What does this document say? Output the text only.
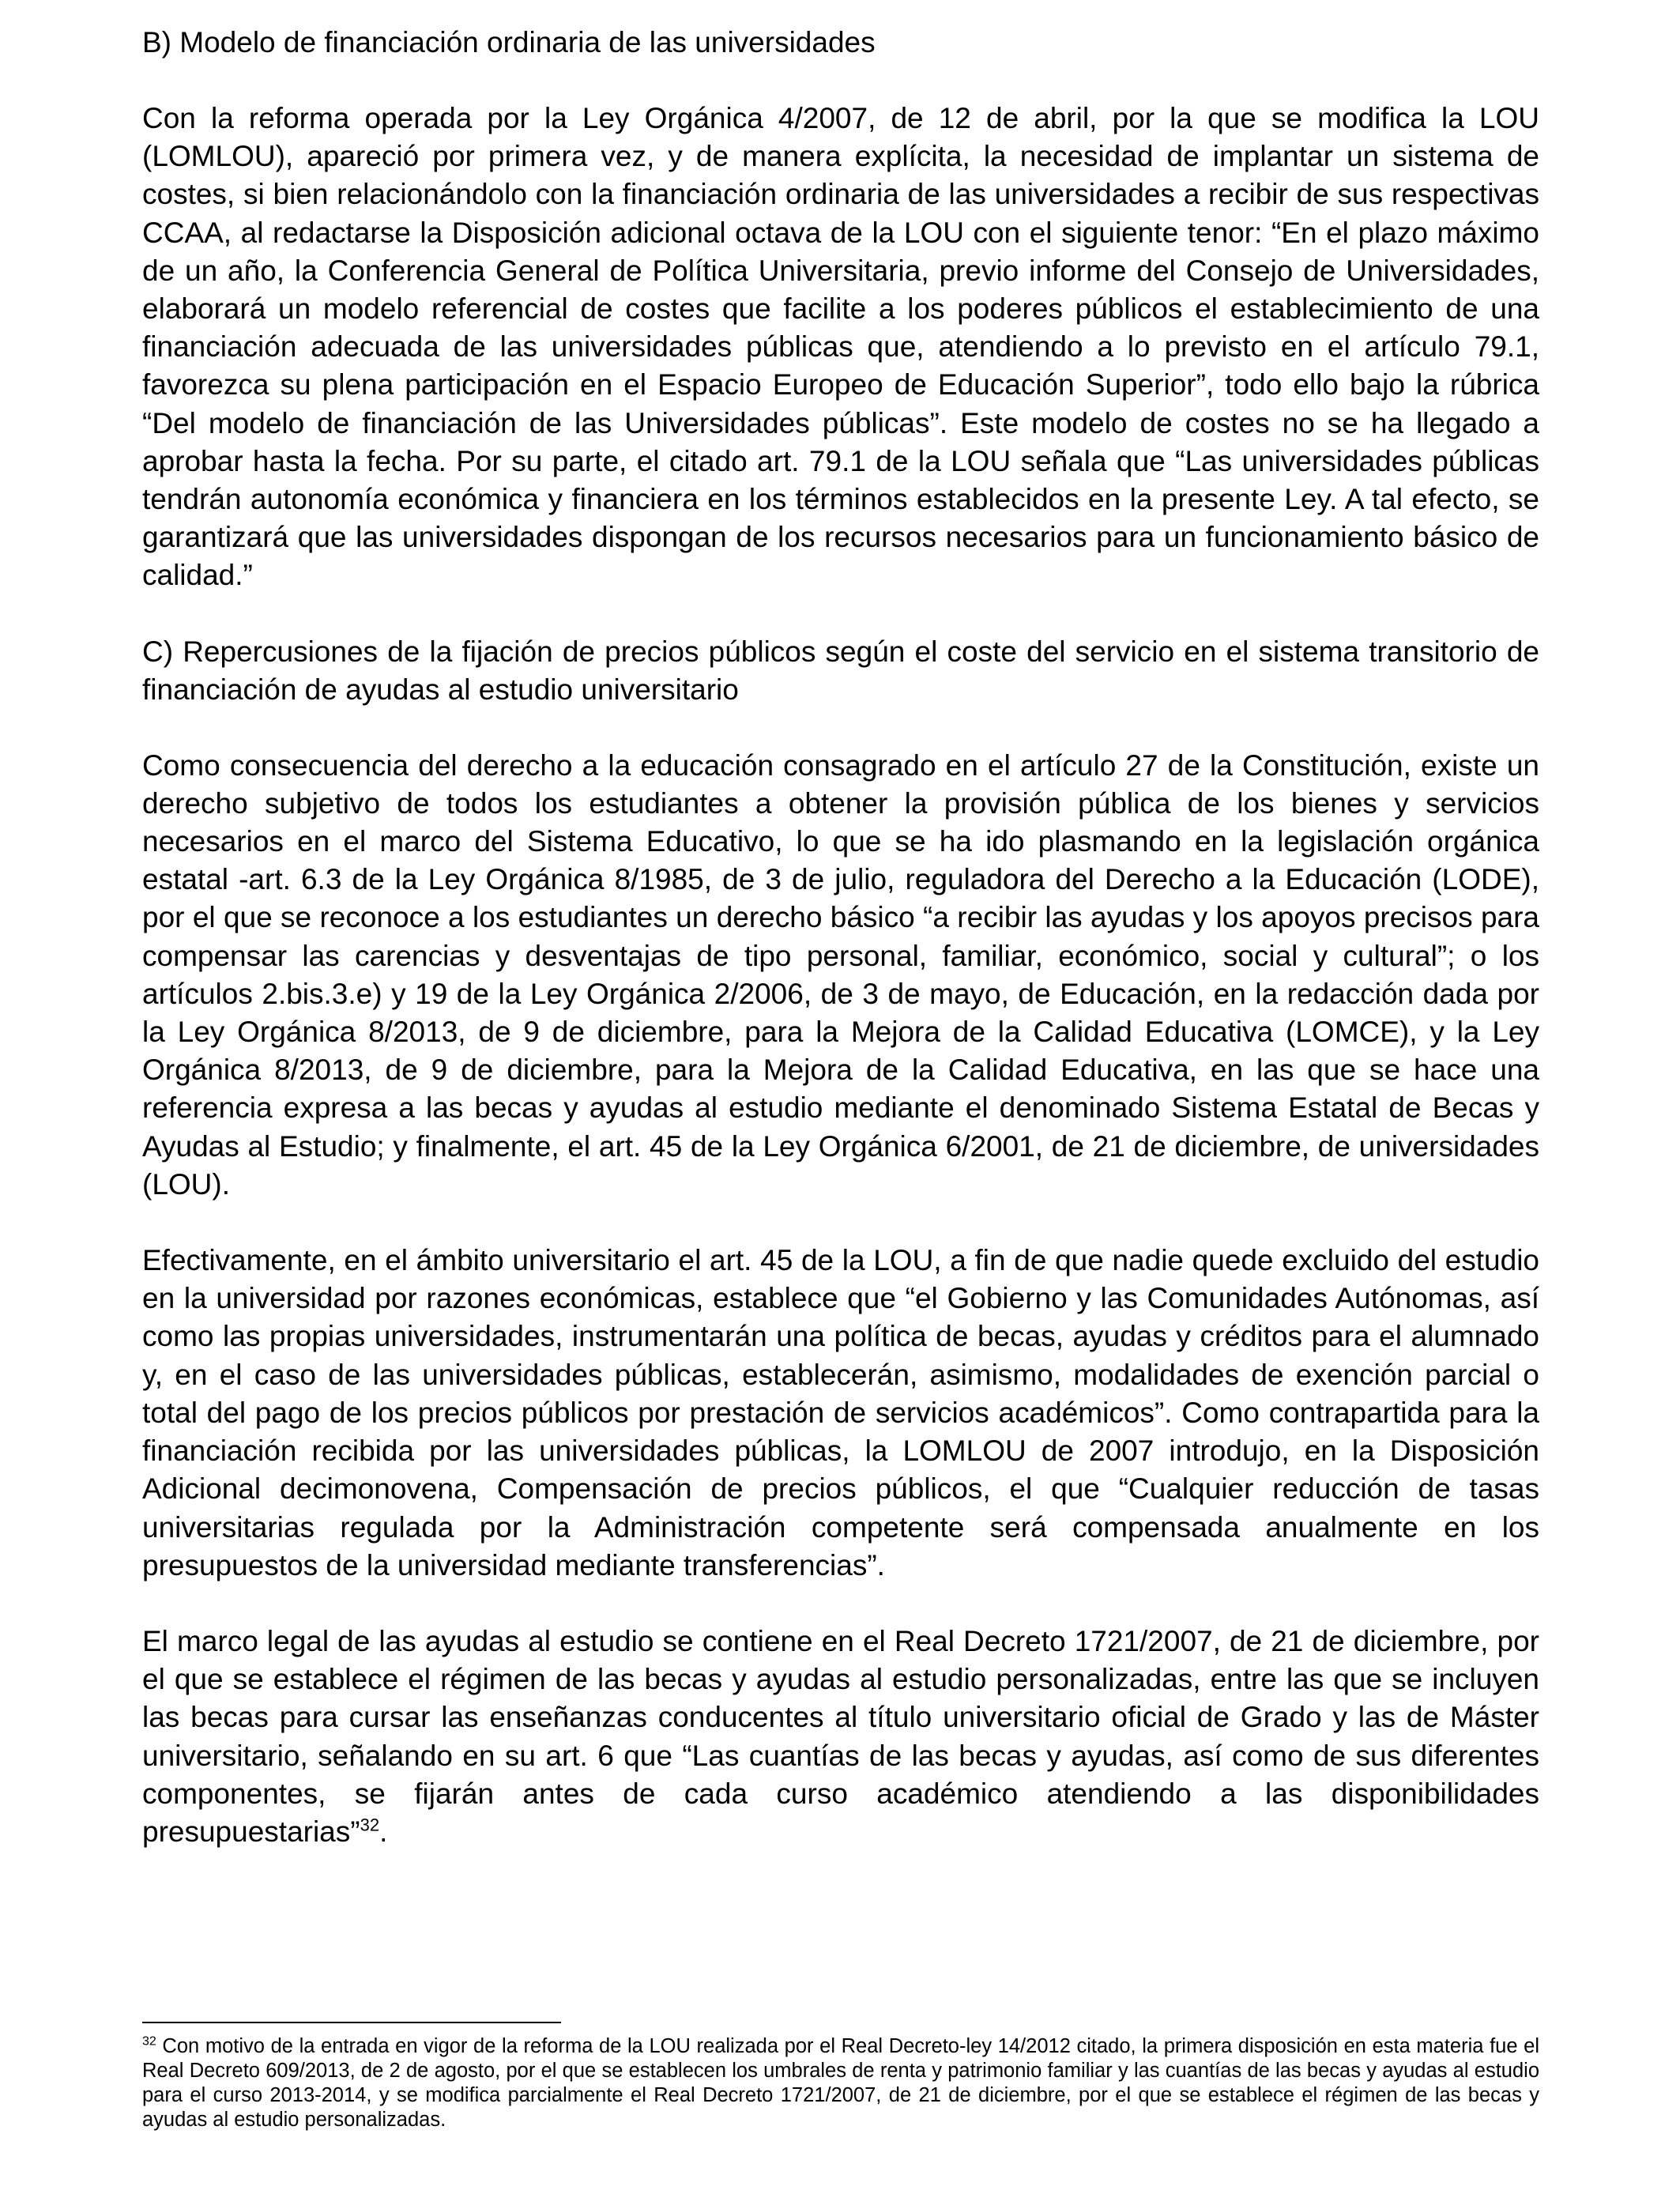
B) Modelo de financiación ordinaria de las universidades
Con la reforma operada por la Ley Orgánica 4/2007, de 12 de abril, por la que se modifica la LOU (LOMLOU), apareció por primera vez, y de manera explícita, la necesidad de implantar un sistema de costes, si bien relacionándolo con la financiación ordinaria de las universidades a recibir de sus respectivas CCAA, al redactarse la Disposición adicional octava de la LOU con el siguiente tenor: “En el plazo máximo de un año, la Conferencia General de Política Universitaria, previo informe del Consejo de Universidades, elaborará un modelo referencial de costes que facilite a los poderes públicos el establecimiento de una financiación adecuada de las universidades públicas que, atendiendo a lo previsto en el artículo 79.1, favorezca su plena participación en el Espacio Europeo de Educación Superior”, todo ello bajo la rúbrica “Del modelo de financiación de las Universidades públicas”. Este modelo de costes no se ha llegado a aprobar hasta la fecha. Por su parte, el citado art. 79.1 de la LOU señala que “Las universidades públicas tendrán autonomía económica y financiera en los términos establecidos en la presente Ley. A tal efecto, se garantizará que las universidades dispongan de los recursos necesarios para un funcionamiento básico de calidad.”
C) Repercusiones de la fijación de precios públicos según el coste del servicio en el sistema transitorio de financiación de ayudas al estudio universitario
Como consecuencia del derecho a la educación consagrado en el artículo 27 de la Constitución, existe un derecho subjetivo de todos los estudiantes a obtener la provisión pública de los bienes y servicios necesarios en el marco del Sistema Educativo, lo que se ha ido plasmando en la legislación orgánica estatal -art. 6.3 de la Ley Orgánica 8/1985, de 3 de julio, reguladora del Derecho a la Educación (LODE), por el que se reconoce a los estudiantes un derecho básico “a recibir las ayudas y los apoyos precisos para compensar las carencias y desventajas de tipo personal, familiar, económico, social y cultural”; o los artículos 2.bis.3.e) y 19 de la Ley Orgánica 2/2006, de 3 de mayo, de Educación, en la redacción dada por la Ley Orgánica 8/2013, de 9 de diciembre, para la Mejora de la Calidad Educativa (LOMCE), y la Ley Orgánica 8/2013, de 9 de diciembre, para la Mejora de la Calidad Educativa, en las que se hace una referencia expresa a las becas y ayudas al estudio mediante el denominado Sistema Estatal de Becas y Ayudas al Estudio; y finalmente, el art. 45 de la Ley Orgánica 6/2001, de 21 de diciembre, de universidades (LOU).
Efectivamente, en el ámbito universitario el art. 45 de la LOU, a fin de que nadie quede excluido del estudio en la universidad por razones económicas, establece que “el Gobierno y las Comunidades Autónomas, así como las propias universidades, instrumentarán una política de becas, ayudas y créditos para el alumnado y, en el caso de las universidades públicas, establecerán, asimismo, modalidades de exención parcial o total del pago de los precios públicos por prestación de servicios académicos”. Como contrapartida para la financiación recibida por las universidades públicas, la LOMLOU de 2007 introdujo, en la Disposición Adicional decimonovena, Compensación de precios públicos, el que “Cualquier reducción de tasas universitarias regulada por la Administración competente será compensada anualmente en los presupuestos de la universidad mediante transferencias”.
El marco legal de las ayudas al estudio se contiene en el Real Decreto 1721/2007, de 21 de diciembre, por el que se establece el régimen de las becas y ayudas al estudio personalizadas, entre las que se incluyen las becas para cursar las enseñanzas conducentes al título universitario oficial de Grado y las de Máster universitario, señalando en su art. 6 que “Las cuantías de las becas y ayudas, así como de sus diferentes componentes, se fijarán antes de cada curso académico atendiendo a las disponibilidades presupuestarias”$^{32}$.
$^{32}$ Con motivo de la entrada en vigor de la reforma de la LOU realizada por el Real Decreto-ley 14/2012 citado, la primera disposición en esta materia fue el Real Decreto 609/2013, de 2 de agosto, por el que se establecen los umbrales de renta y patrimonio familiar y las cuantías de las becas y ayudas al estudio para el curso 2013-2014, y se modifica parcialmente el Real Decreto 1721/2007, de 21 de diciembre, por el que se establece el régimen de las becas y ayudas al estudio personalizadas.
